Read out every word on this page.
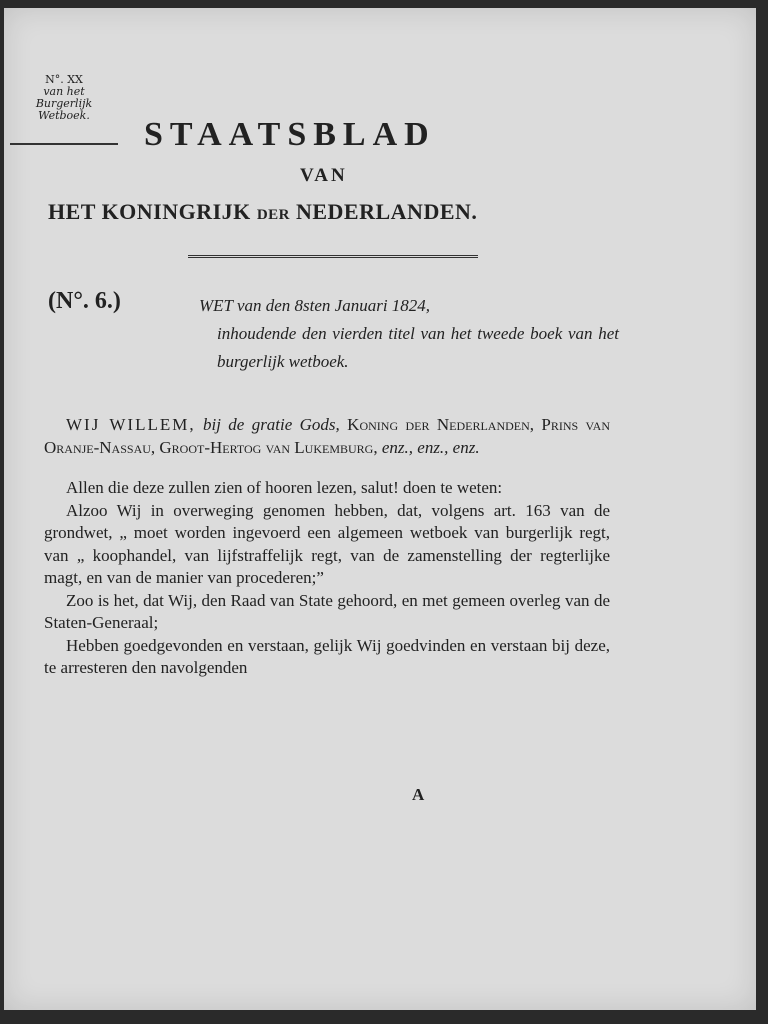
N°. XX
van het
Burgerlijk
Wetboek.
STAATSBLAD
VAN
HET KONINGRIJK DER NEDERLANDEN.
(N°. 6.)	WET van den 8sten Januari 1824,
inhoudende den vierden titel van het tweede boek van het burgerlijk wetboek.

WIJ WILLEM, bij de gratie Gods, Koning der Nederlanden, Prins van Oranje-Nassau, Groot-Hertog van Lukemburg, enz., enz., enz.

Allen die deze zullen zien of hooren lezen, salut! doen te weten:

Alzoo Wij in overweging genomen hebben, dat, volgens art. 163 van de grondwet, „ moet worden ingevoerd een algemeen wetboek van burgerlijk regt, van „ koophandel, van lijfstraffelijk regt, van de zamenstelling der regterlijke magt, en van de manier van procederen;”

Zoo is het, dat Wij, den Raad van State gehoord, en met gemeen overleg van de Staten-Generaal;

Hebben goedgevonden en verstaan, gelijk Wij goedvinden en verstaan bij deze, te arresteren den navolgenden

A
